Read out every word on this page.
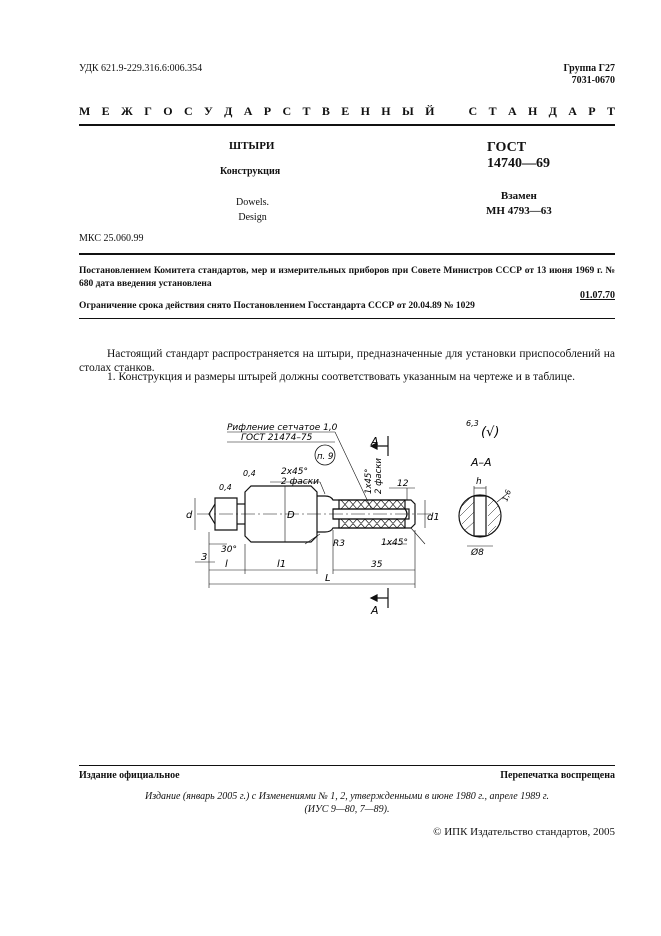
УДК 621.9-229.316.6:006.354	Группа Г27
7031-0670
М Е Ж Г О С У Д А Р С Т В Е Н Н Ы Й   С Т А Н Д А Р Т
ШТЫРИ
Конструкция
Dowels.
Design
ГОСТ
14740—69
Взамен
МН 4793—63
МКС 25.060.99
Постановлением Комитета стандартов, мер и измерительных приборов при Совете Министров СССР от 13 июня 1969 г. № 680 дата введения установлена
01.07.70
Ограничение срока действия снято Постановлением Госстандарта СССР от 20.04.89 № 1029
Настоящий стандарт распространяется на штыри, предназначенные для установки приспособлений на столах станков.
1. Конструкция и размеры штырей должны соответствовать указанным на чертеже и в таблице.
Рифление сетчатое 1,0
ГОСТ 21474–75	А
А
п. 9
2x45°
2 фаски	1x45° 2 фаски
1x45°
0,4
0,4
6,3
(√)
d	D	d1
l	l1
L
3
30°
R3
12
35
А–А
h
1,6
Ø8
Издание официальное	Перепечатка воспрещена
Издание (январь 2005 г.) с Изменениями № 1, 2, утвержденными в июне 1980 г., апреле 1989 г.
(ИУС 9—80, 7—89).
© ИПК Издательство стандартов, 2005
